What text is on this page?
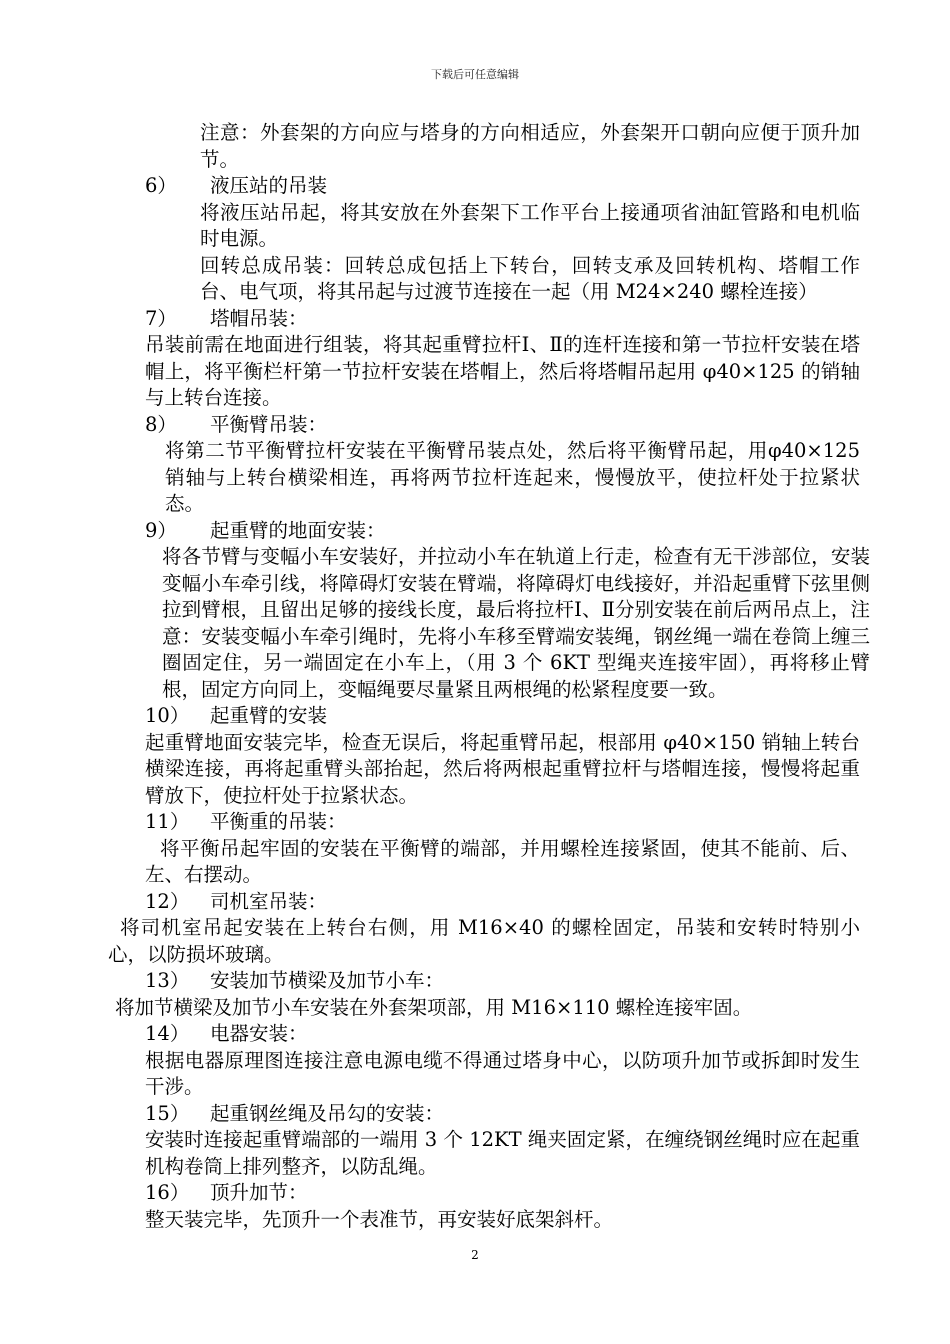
下载后可任意编辑
注意：外套架的方向应与塔身的方向相适应，外套架开口朝向应便于顶升加节。
6） 液压站的吊装
将液压站吊起，将其安放在外套架下工作平台上接通项省油缸管路和电机临时电源。
回转总成吊装：回转总成包括上下转台，回转支承及回转机构、塔帽工作台、电气项，将其吊起与过渡节连接在一起（用 M24×240 螺栓连接）
7） 塔帽吊装：
吊装前需在地面进行组装，将其起重臂拉杆Ⅰ、Ⅱ的连杆连接和第一节拉杆安装在塔帽上，将平衡栏杆第一节拉杆安装在塔帽上，然后将塔帽吊起用 φ40×125 的销轴与上转台连接。
8） 平衡臂吊装：
将第二节平衡臂拉杆安装在平衡臂吊装点处，然后将平衡臂吊起，用φ40×125 销轴与上转台横梁相连，再将两节拉杆连起来，慢慢放平，使拉杆处于拉紧状态。
9） 起重臂的地面安装：
将各节臂与变幅小车安装好，并拉动小车在轨道上行走，检查有无干涉部位，安装变幅小车牵引线，将障碍灯安装在臂端，将障碍灯电线接好，并沿起重臂下弦里侧拉到臂根，且留出足够的接线长度，最后将拉杆Ⅰ、Ⅱ分别安装在前后两吊点上，注意：安装变幅小车牵引绳时，先将小车移至臂端安装绳，钢丝绳一端在卷筒上缠三圈固定住，另一端固定在小车上，（用 3 个 6KT 型绳夹连接牢固），再将移止臂根，固定方向同上，变幅绳要尽量紧且两根绳的松紧程度要一致。
10） 起重臂的安装
起重臂地面安装完毕，检查无误后，将起重臂吊起，根部用 φ40×150 销轴上转台横梁连接，再将起重臂头部抬起，然后将两根起重臂拉杆与塔帽连接，慢慢将起重臂放下，使拉杆处于拉紧状态。
11） 平衡重的吊装：
将平衡吊起牢固的安装在平衡臂的端部，并用螺栓连接紧固，使其不能前、后、左、右摆动。
12） 司机室吊装：
将司机室吊起安装在上转台右侧，用 M16×40 的螺栓固定，吊装和安转时特别小心，以防损坏玻璃。
13） 安装加节横梁及加节小车：
将加节横梁及加节小车安装在外套架项部，用 M16×110 螺栓连接牢固。
14） 电器安装：
根据电器原理图连接注意电源电缆不得通过塔身中心，以防项升加节或拆卸时发生干涉。
15） 起重钢丝绳及吊勾的安装：
安装时连接起重臂端部的一端用 3 个 12KT 绳夹固定紧，在缠绕钢丝绳时应在起重机构卷筒上排列整齐，以防乱绳。
16） 顶升加节：
整天装完毕，先顶升一个表准节，再安装好底架斜杆。
2
